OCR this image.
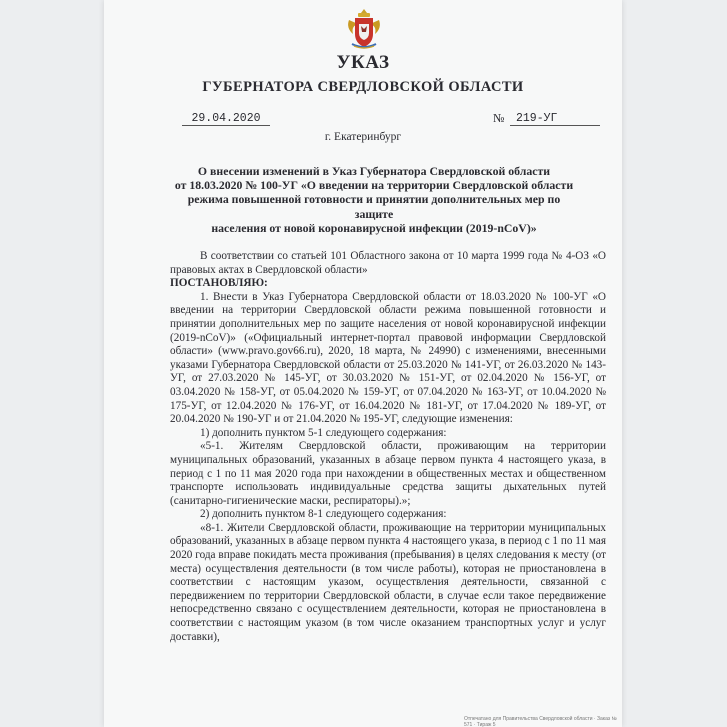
УКАЗ
ГУБЕРНАТОРА СВЕРДЛОВСКОЙ ОБЛАСТИ
29.04.2020	№	219-УГ
г. Екатеринбург
О внесении изменений в Указ Губернатора Свердловской области
от 18.03.2020 № 100-УГ «О введении на территории Свердловской области
режима повышенной готовности и принятии дополнительных мер по защите
населения от новой коронавирусной инфекции (2019-nCoV)»

В соответствии со статьей 101 Областного закона от 10 марта 1999 года № 4-ОЗ «О правовых актах в Свердловской области»

ПОСТАНОВЛЯЮ:

1. Внести в Указ Губернатора Свердловской области от 18.03.2020 № 100-УГ «О введении на территории Свердловской области режима повышенной готовности и принятии дополнительных мер по защите населения от новой коронавирусной инфекции (2019-nCoV)» («Официальный интернет-портал правовой информации Свердловской области» (www.pravo.gov66.ru), 2020, 18 марта, № 24990) с изменениями, внесенными указами Губернатора Свердловской области от 25.03.2020 № 141-УГ, от 26.03.2020 № 143-УГ, от 27.03.2020 № 145-УГ, от 30.03.2020 № 151-УГ, от 02.04.2020 № 156-УГ, от 03.04.2020 № 158-УГ, от 05.04.2020 № 159-УГ, от 07.04.2020 № 163-УГ, от 10.04.2020 № 175-УГ, от 12.04.2020 № 176-УГ, от 16.04.2020 № 181-УГ, от 17.04.2020 № 189-УГ, от 20.04.2020 № 190-УГ и от 21.04.2020 № 195-УГ, следующие изменения:

1) дополнить пунктом 5-1 следующего содержания:

«5-1. Жителям Свердловской области, проживающим на территории муниципальных образований, указанных в абзаце первом пункта 4 настоящего указа, в период с 1 по 11 мая 2020 года при нахождении в общественных местах и общественном транспорте использовать индивидуальные средства защиты дыхательных путей (санитарно-гигиенические маски, респираторы).»;

2) дополнить пунктом 8-1 следующего содержания:

«8-1. Жители Свердловской области, проживающие на территории муниципальных образований, указанных в абзаце первом пункта 4 настоящего указа, в период с 1 по 11 мая 2020 года вправе покидать места проживания (пребывания) в целях следования к месту (от места) осуществления деятельности (в том числе работы), которая не приостановлена в соответствии с настоящим указом, осуществления деятельности, связанной с передвижением по территории Свердловской области, в случае если такое передвижение непосредственно связано с осуществлением деятельности, которая не приостановлена в соответствии с настоящим указом (в том числе оказанием транспортных услуг и услуг доставки),

Отпечатано для Правительства Свердловской области · Заказ № 571 · Тираж 5
